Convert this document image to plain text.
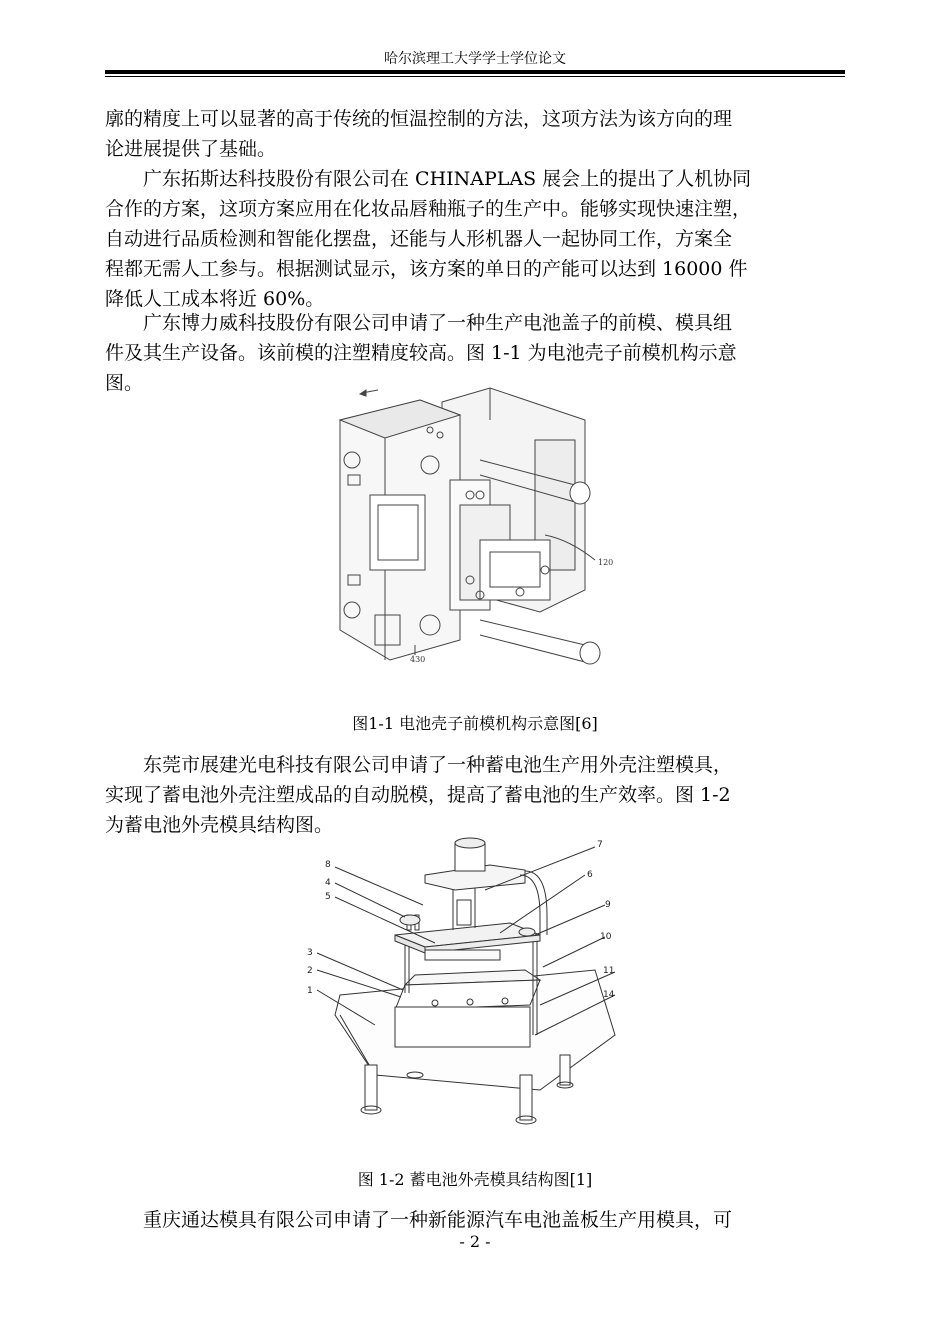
哈尔滨理工大学学士学位论文
廓的精度上可以显著的高于传统的恒温控制的方法，这项方法为该方向的理
论进展提供了基础。
广东拓斯达科技股份有限公司在 CHINAPLAS 展会上的提出了人机协同
合作的方案，这项方案应用在化妆品唇釉瓶子的生产中。能够实现快速注塑，
自动进行品质检测和智能化摆盘，还能与人形机器人一起协同工作，方案全
程都无需人工参与。根据测试显示，该方案的单日的产能可以达到 16000 件
降低人工成本将近 60%。
广东博力威科技股份有限公司申请了一种生产电池盖子的前模、模具组
件及其生产设备。该前模的注塑精度较高。图 1-1 为电池壳子前模机构示意
图。
120
430
图1-1 电池壳子前模机构示意图[6]
东莞市展建光电科技有限公司申请了一种蓄电池生产用外壳注塑模具，
实现了蓄电池外壳注塑成品的自动脱模，提高了蓄电池的生产效率。图 1-2
为蓄电池外壳模具结构图。
8
4
5
3
2
1
7
6
9
10
11
14
图 1-2 蓄电池外壳模具结构图[1]
重庆通达模具有限公司申请了一种新能源汽车电池盖板生产用模具，可
- 2 -
